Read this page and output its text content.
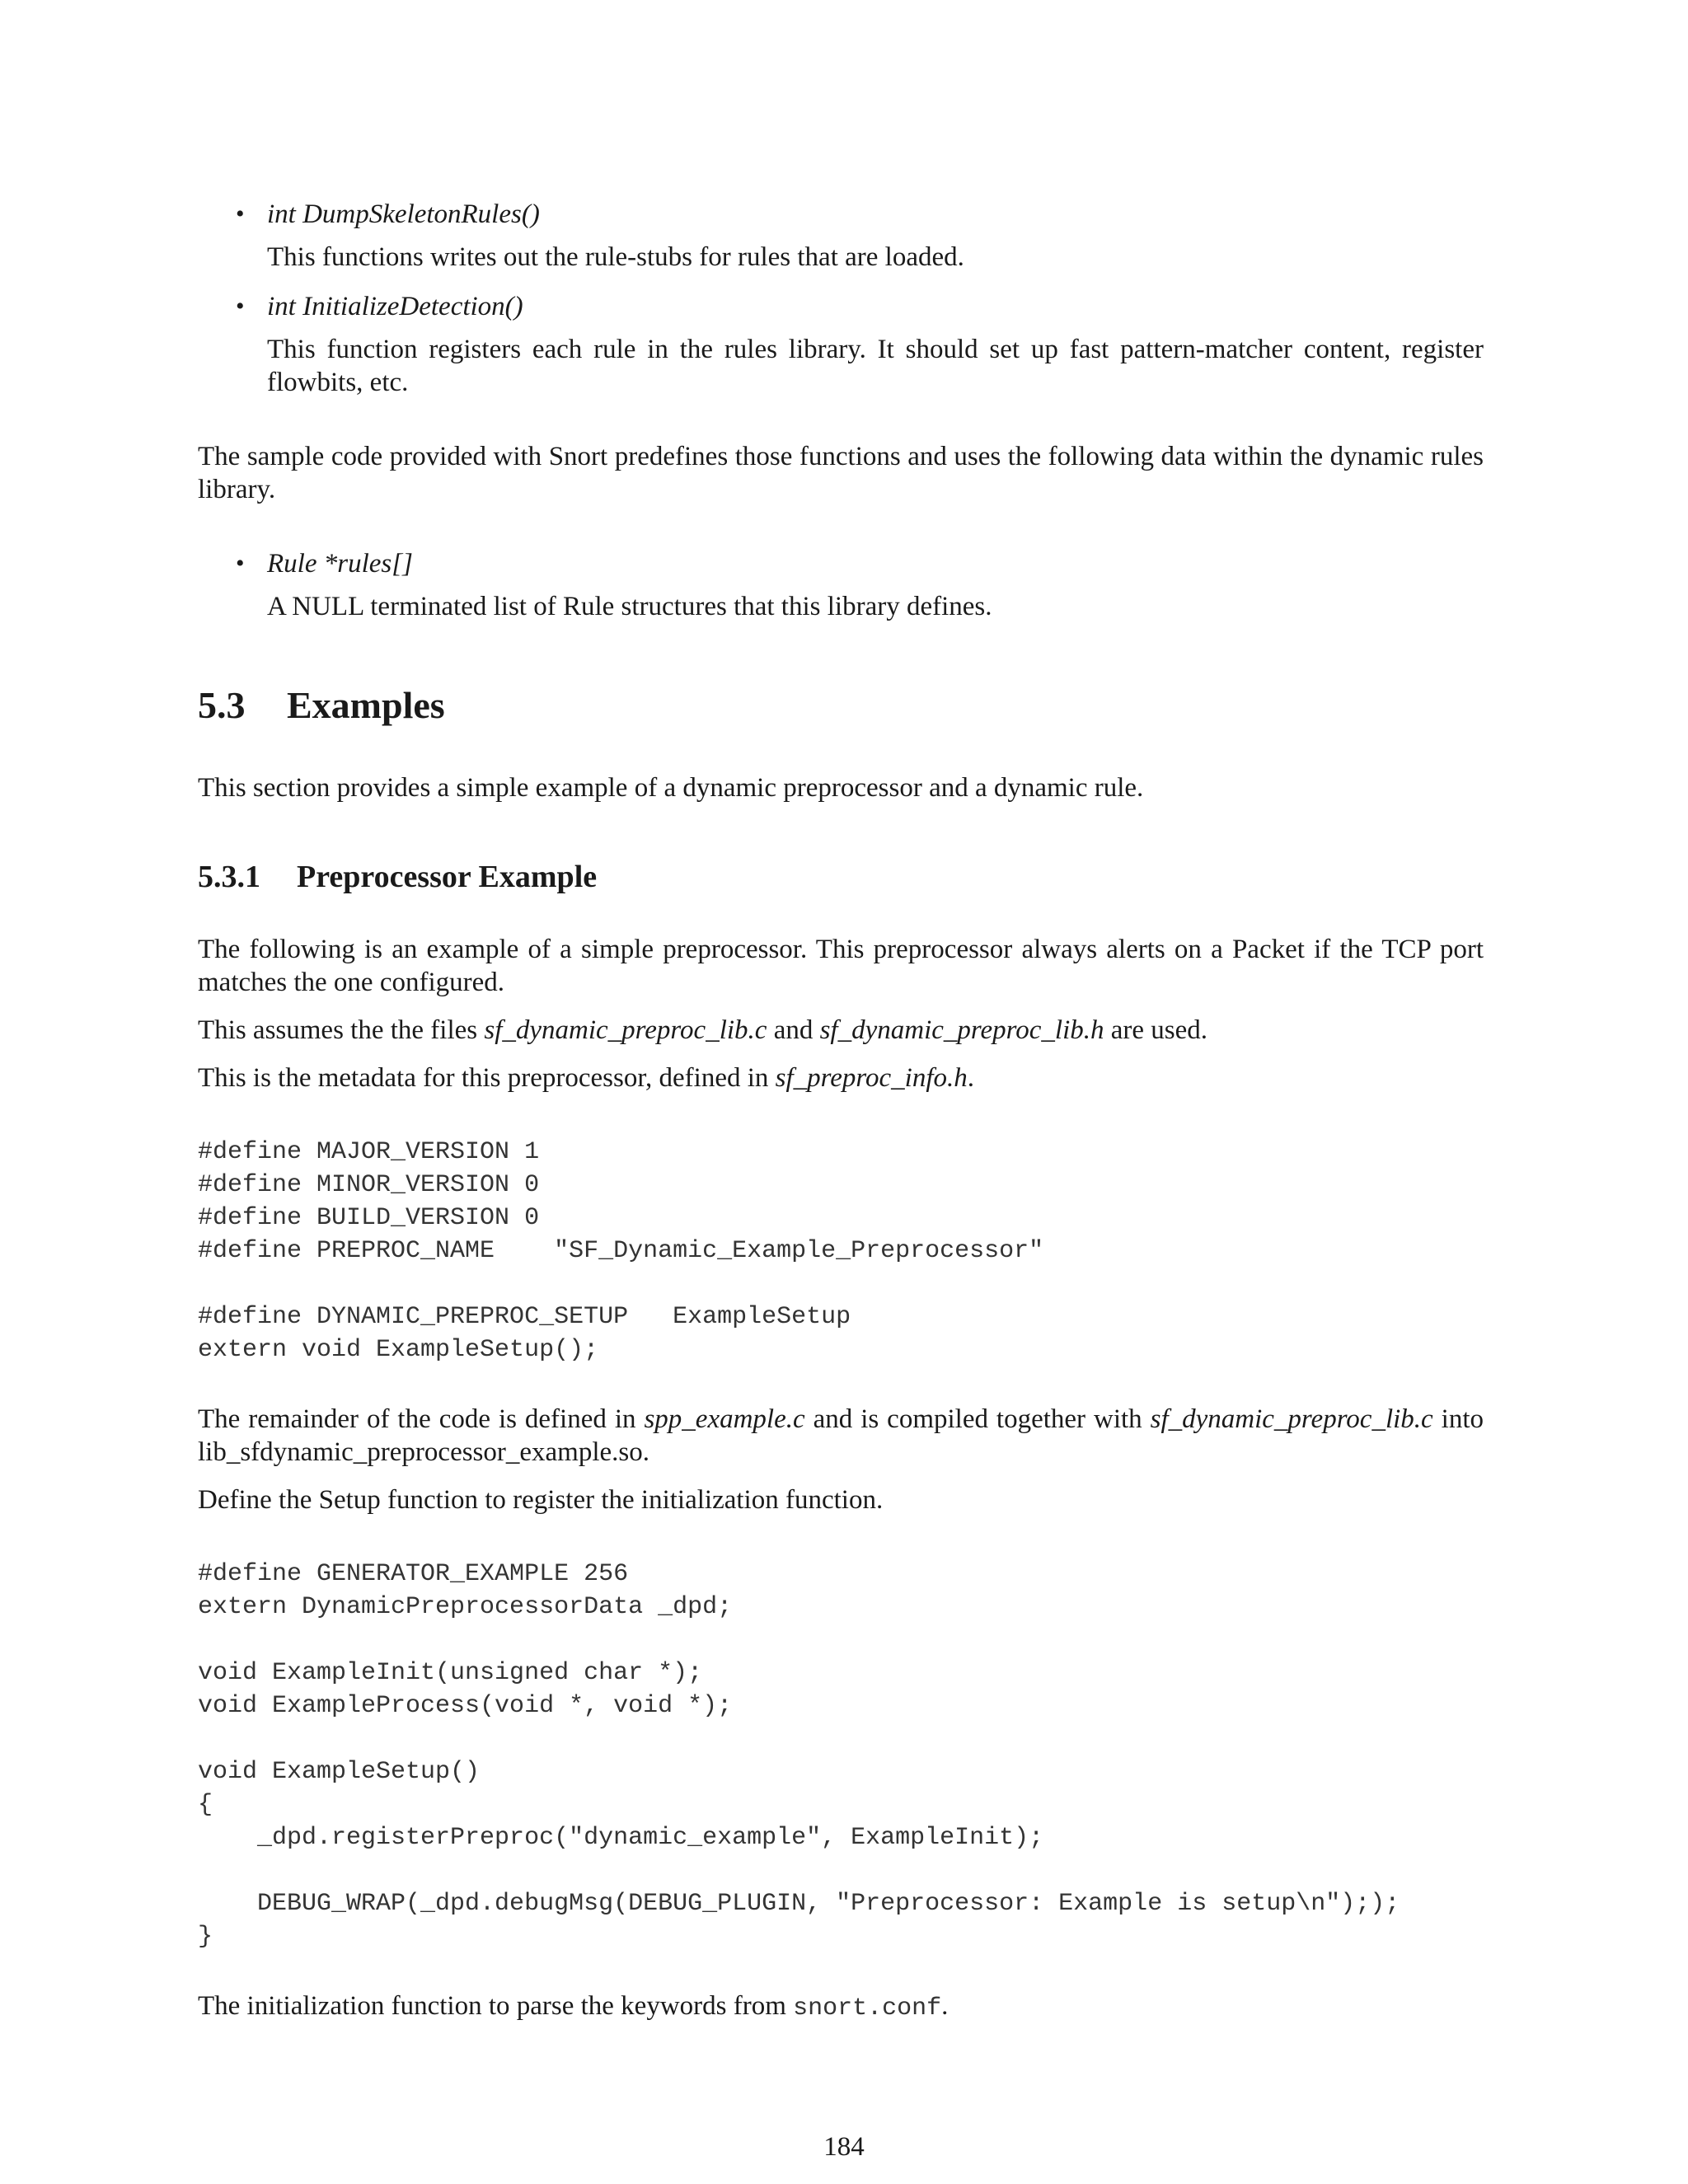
• int DumpSkeletonRules()
This functions writes out the rule-stubs for rules that are loaded.
• int InitializeDetection()
This function registers each rule in the rules library. It should set up fast pattern-matcher content, register flowbits, etc.
The sample code provided with Snort predefines those functions and uses the following data within the dynamic rules library.
• Rule *rules[]
A NULL terminated list of Rule structures that this library defines.
5.3 Examples
This section provides a simple example of a dynamic preprocessor and a dynamic rule.
5.3.1 Preprocessor Example
The following is an example of a simple preprocessor. This preprocessor always alerts on a Packet if the TCP port matches the one configured.
This assumes the the files sf_dynamic_preproc_lib.c and sf_dynamic_preproc_lib.h are used.
This is the metadata for this preprocessor, defined in sf_preproc_info.h.
#define MAJOR_VERSION 1
#define MINOR_VERSION 0
#define BUILD_VERSION 0
#define PREPROC_NAME    "SF_Dynamic_Example_Preprocessor"

#define DYNAMIC_PREPROC_SETUP   ExampleSetup
extern void ExampleSetup();
The remainder of the code is defined in spp_example.c and is compiled together with sf_dynamic_preproc_lib.c into lib_sfdynamic_preprocessor_example.so.
Define the Setup function to register the initialization function.
#define GENERATOR_EXAMPLE 256
extern DynamicPreprocessorData _dpd;

void ExampleInit(unsigned char *);
void ExampleProcess(void *, void *);

void ExampleSetup()
{
_dpd.registerPreproc("dynamic_example", ExampleInit);

DEBUG_WRAP(_dpd.debugMsg(DEBUG_PLUGIN, "Preprocessor: Example is setup\n"););
}
The initialization function to parse the keywords from snort.conf.
184
